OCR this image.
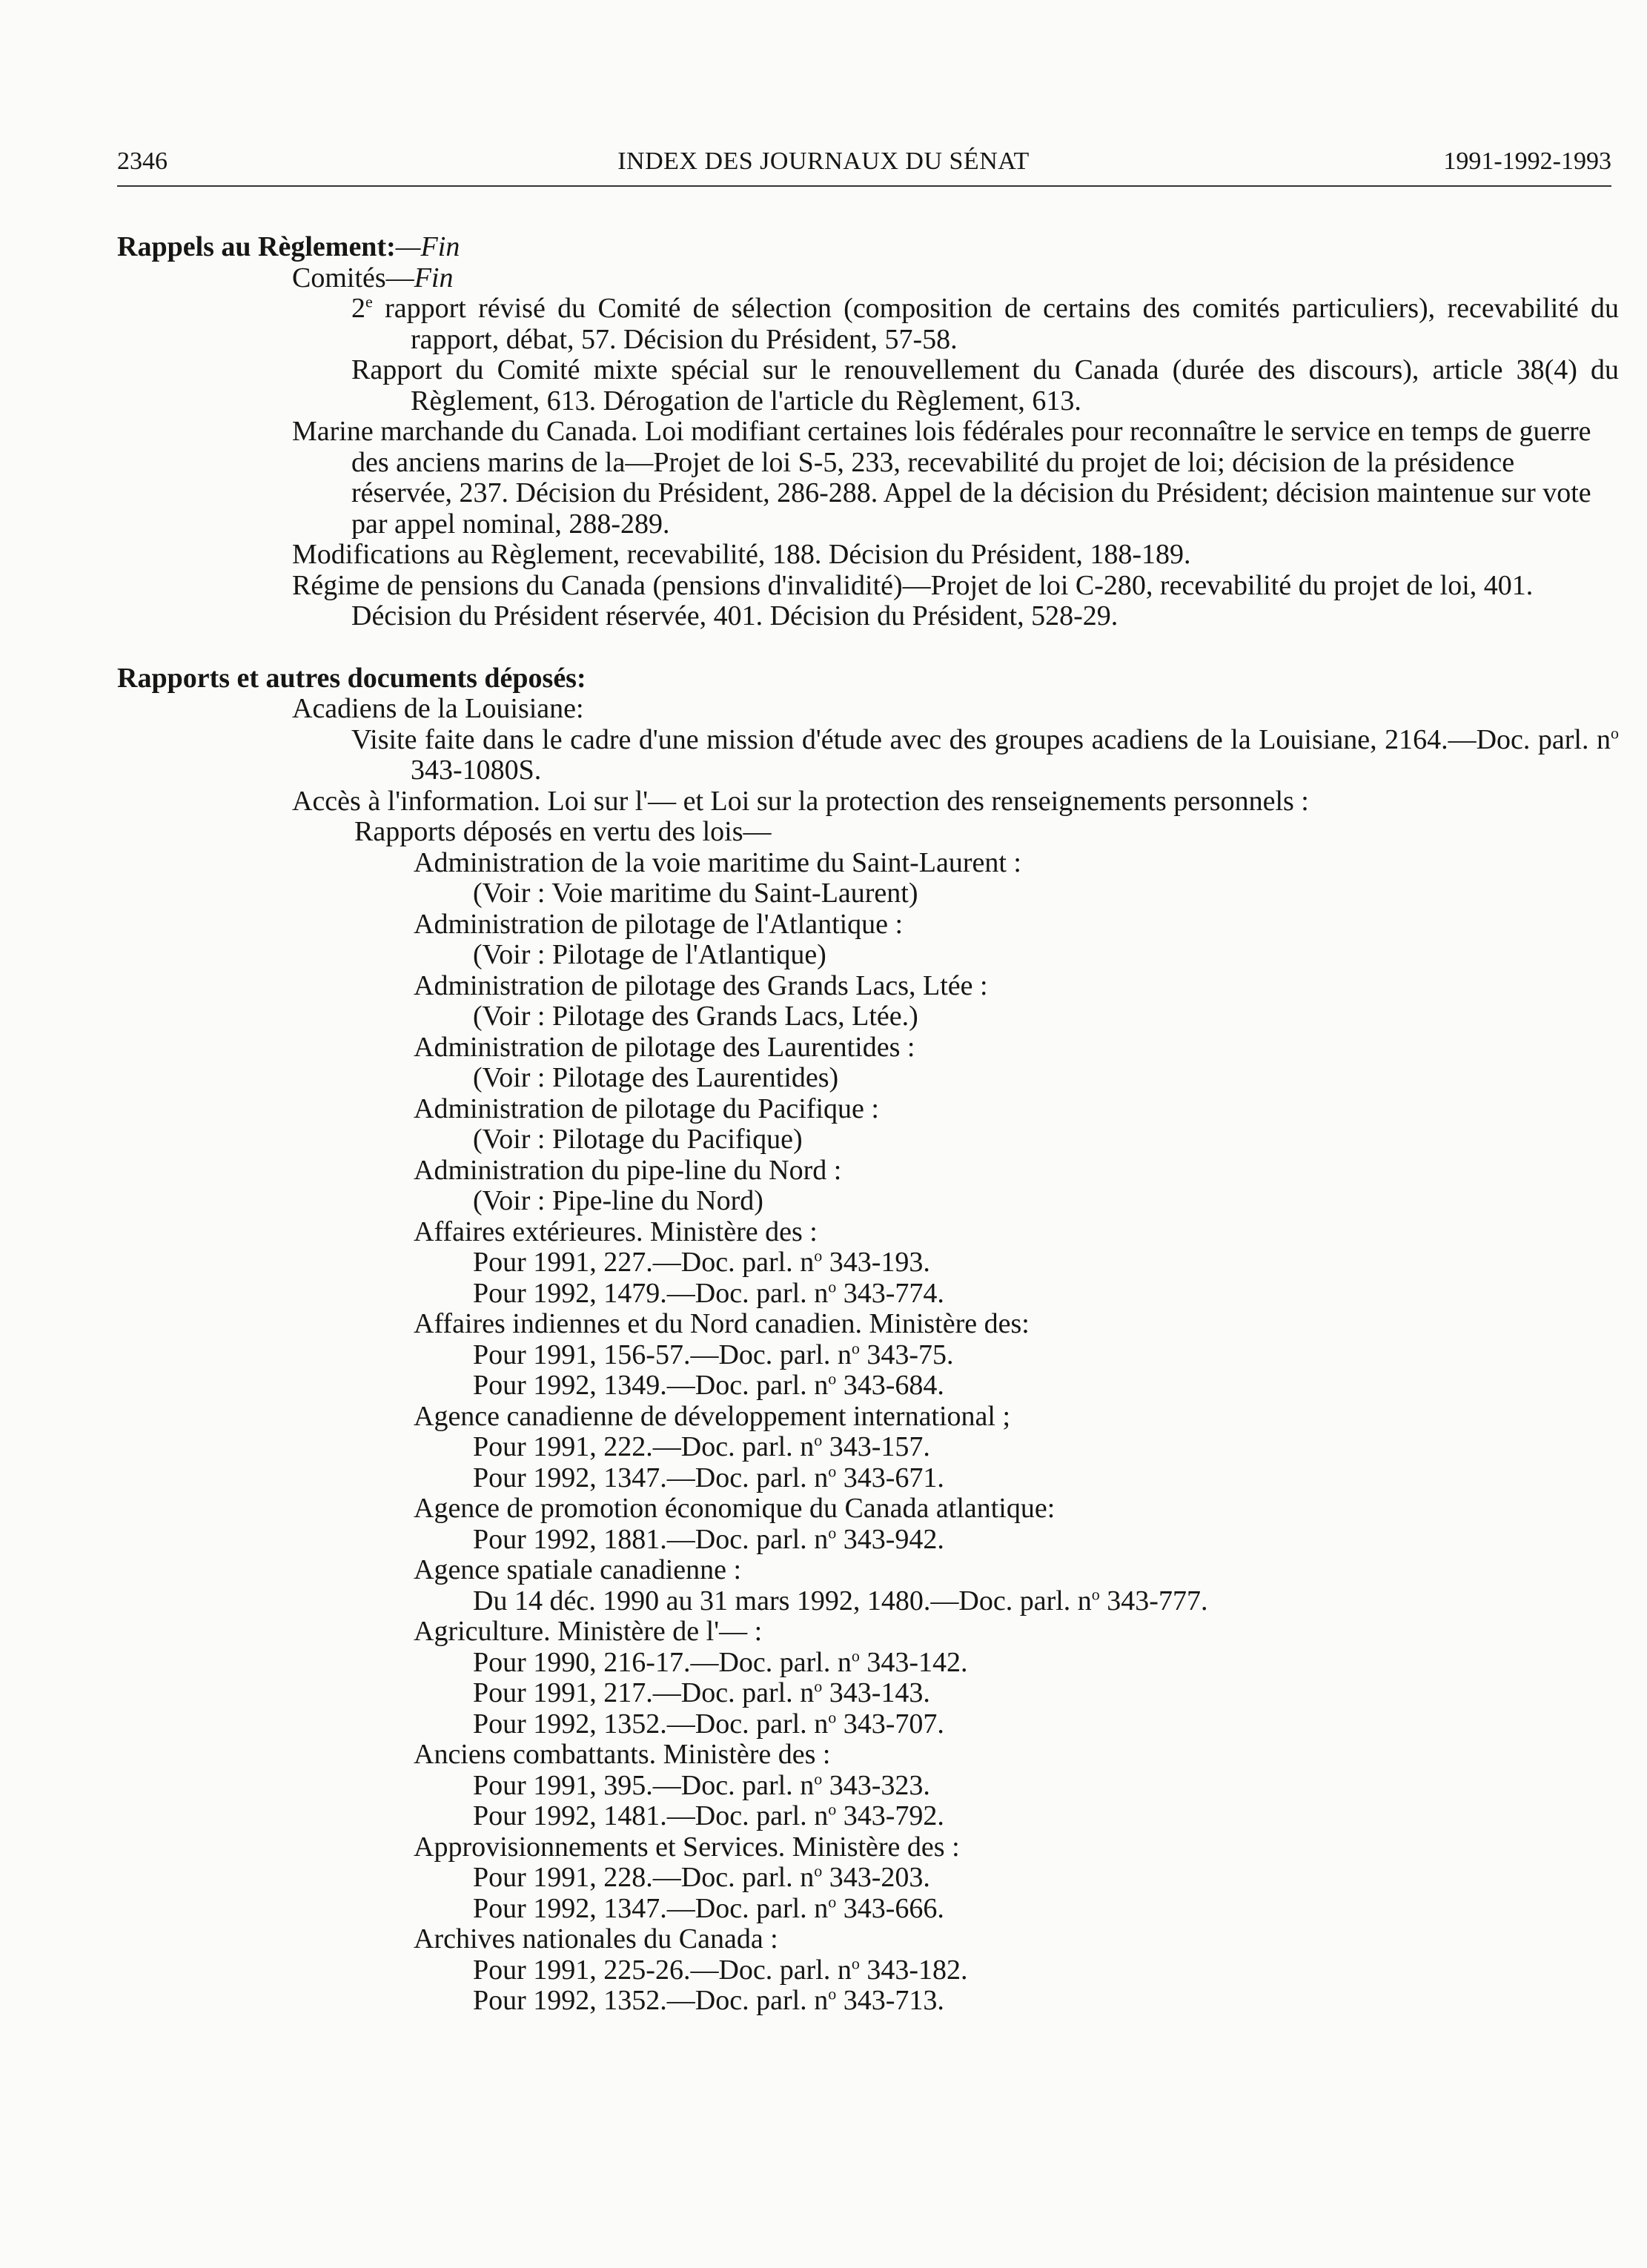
2346	INDEX DES JOURNAUX DU SÉNAT	1991-1992-1993
Rappels au Règlement:—Fin
Comités—Fin
2e rapport révisé du Comité de sélection (composition de certains des comités particuliers), recevabilité du rapport, débat, 57. Décision du Président, 57-58.
Rapport du Comité mixte spécial sur le renouvellement du Canada (durée des discours), article 38(4) du Règlement, 613. Dérogation de l'article du Règlement, 613.
Marine marchande du Canada. Loi modifiant certaines lois fédérales pour reconnaître le service en temps de guerre des anciens marins de la—Projet de loi S-5, 233, recevabilité du projet de loi; décision de la présidence réservée, 237. Décision du Président, 286-288. Appel de la décision du Président; décision maintenue sur vote par appel nominal, 288-289.
Modifications au Règlement, recevabilité, 188. Décision du Président, 188-189.
Régime de pensions du Canada (pensions d'invalidité)—Projet de loi C-280, recevabilité du projet de loi, 401. Décision du Président réservée, 401. Décision du Président, 528-29.
Rapports et autres documents déposés:
Acadiens de la Louisiane:
Visite faite dans le cadre d'une mission d'étude avec des groupes acadiens de la Louisiane, 2164.—Doc. parl. $n^o$ 343-1080S.
Accès à l'information. Loi sur l'— et Loi sur la protection des renseignements personnels :
Rapports déposés en vertu des lois—
Administration de la voie maritime du Saint-Laurent :
(Voir : Voie maritime du Saint-Laurent)
Administration de pilotage de l'Atlantique :
(Voir : Pilotage de l'Atlantique)
Administration de pilotage des Grands Lacs, Ltée :
(Voir : Pilotage des Grands Lacs, Ltée.)
Administration de pilotage des Laurentides :
(Voir : Pilotage des Laurentides)
Administration de pilotage du Pacifique :
(Voir : Pilotage du Pacifique)
Administration du pipe-line du Nord :
(Voir : Pipe-line du Nord)
Affaires extérieures. Ministère des :
Pour 1991, 227.—Doc. parl. $n^o$ 343-193.
Pour 1992, 1479.—Doc. parl. $n^o$ 343-774.
Affaires indiennes et du Nord canadien. Ministère des:
Pour 1991, 156-57.—Doc. parl. $n^o$ 343-75.
Pour 1992, 1349.—Doc. parl. $n^o$ 343-684.
Agence canadienne de développement international ;
Pour 1991, 222.—Doc. parl. $n^o$ 343-157.
Pour 1992, 1347.—Doc. parl. $n^o$ 343-671.
Agence de promotion économique du Canada atlantique:
Pour 1992, 1881.—Doc. parl. $n^o$ 343-942.
Agence spatiale canadienne :
Du 14 déc. 1990 au 31 mars 1992, 1480.—Doc. parl. $n^o$ 343-777.
Agriculture. Ministère de l'— :
Pour 1990, 216-17.—Doc. parl. $n^o$ 343-142.
Pour 1991, 217.—Doc. parl. $n^o$ 343-143.
Pour 1992, 1352.—Doc. parl. $n^o$ 343-707.
Anciens combattants. Ministère des :
Pour 1991, 395.—Doc. parl. $n^o$ 343-323.
Pour 1992, 1481.—Doc. parl. $n^o$ 343-792.
Approvisionnements et Services. Ministère des :
Pour 1991, 228.—Doc. parl. $n^o$ 343-203.
Pour 1992, 1347.—Doc. parl. $n^o$ 343-666.
Archives nationales du Canada :
Pour 1991, 225-26.—Doc. parl. $n^o$ 343-182.
Pour 1992, 1352.—Doc. parl. $n^o$ 343-713.
